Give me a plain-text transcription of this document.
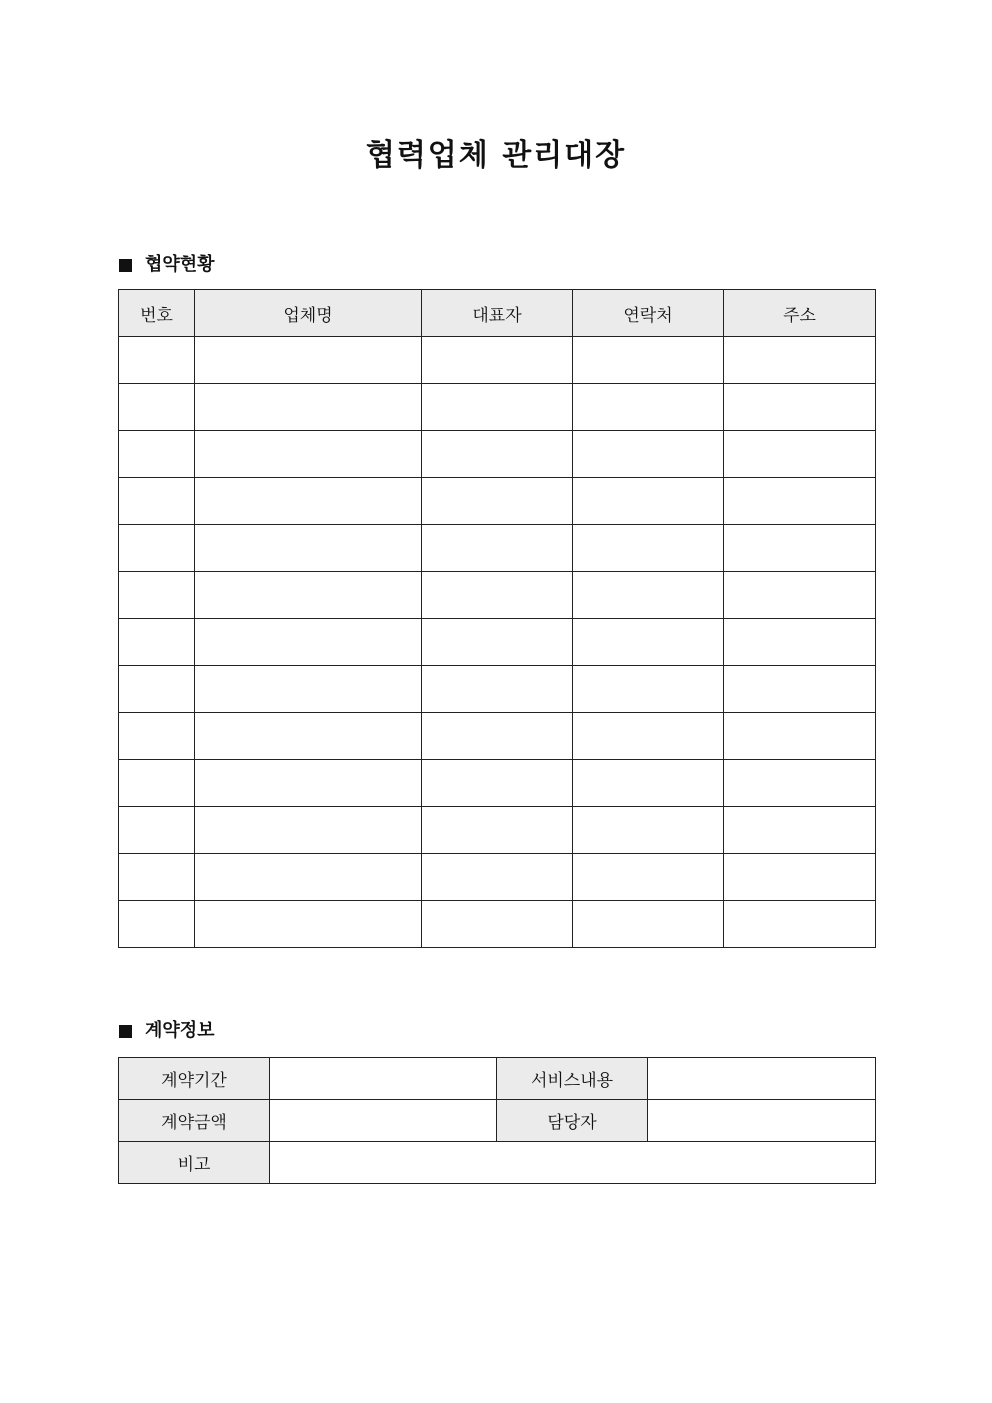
협력업체 관리대장
협약현황
번호	업체명	대표자	연락처	주소

계약정보
계약기간		서비스내용	
계약금액		담당자	
비고			
